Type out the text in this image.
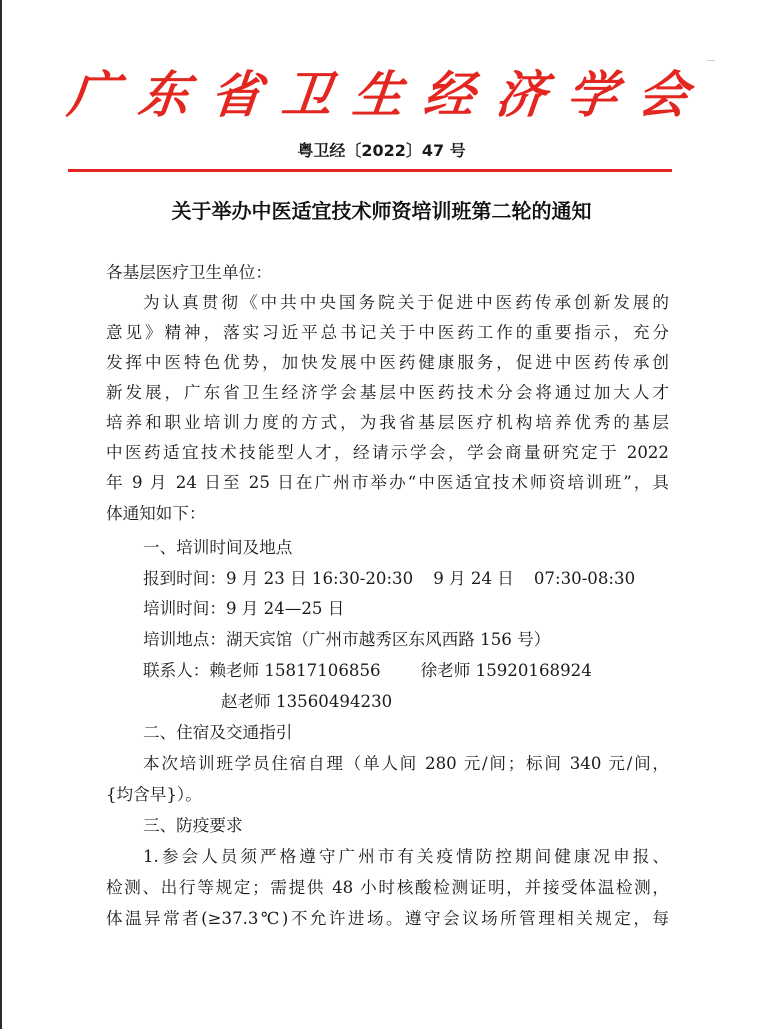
广 东 省 卫 生 经 济 学 会
粤卫经〔2022〕47 号
关于举办中医适宜技术师资培训班第二轮的通知
各基层医疗卫生单位：
为认真贯彻《中共中央国务院关于促进中医药传承创新发展的
意见》精神，落实习近平总书记关于中医药工作的重要指示，充分
发挥中医特色优势，加快发展中医药健康服务，促进中医药传承创
新发展，广东省卫生经济学会基层中医药技术分会将通过加大人才
培养和职业培训力度的方式，为我省基层医疗机构培养优秀的基层
中医药适宜技术技能型人才，经请示学会，学会商量研究定于 2022
年 9 月 24 日至 25 日在广州市举办“中医适宜技术师资培训班”，具
体通知如下：
一、培训时间及地点
报到时间：9 月 23 日 16:30-20:30 9 月 24 日 07:30-08:30
培训时间：9 月 24—25 日
培训地点：湖天宾馆（广州市越秀区东风西路 156 号）
联系人：赖老师 15817106856 徐老师 15920168924
赵老师 13560494230
二、住宿及交通指引
本次培训班学员住宿自理（单人间 280 元/间；标间 340 元/间，
{均含早}）。
三、防疫要求
1.参会人员须严格遵守广州市有关疫情防控期间健康况申报、
检测、出行等规定；需提供 48 小时核酸检测证明，并接受体温检测，
体温异常者(≥37.3℃)不允许进场。遵守会议场所管理相关规定，每
